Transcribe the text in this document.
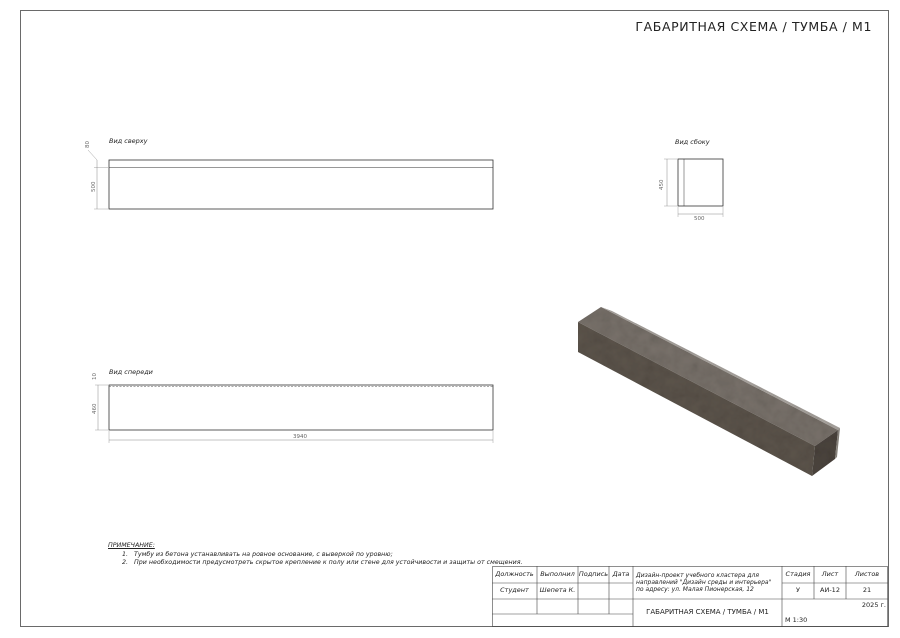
ГАБАРИТНАЯ СХЕМА / ТУМБА / М1
Вид сверху
80
500	450
500
10
460
3940
Вид сбоку
Вид спереди
ПРИМЕЧАНИЕ:
1. Тумбу из бетона устанавливать на ровное основание, с выверкой по уровню;
2. При необходимости предусмотреть скрытое крепление к полу или стене для устойчивости и защиты от смещения.
Должность Выполнил Подпись Дата
Студент	Шепета К.
Дизайн-проект учебного кластера для направлений "Дизайн среды и интерьера" по адресу: ул. Малая Пионерская, 12
Стадия	Лист	Листов
У	АИ-12	21
ГАБАРИТНАЯ СХЕМА / ТУМБА / М1
2025 г.
М 1:30
